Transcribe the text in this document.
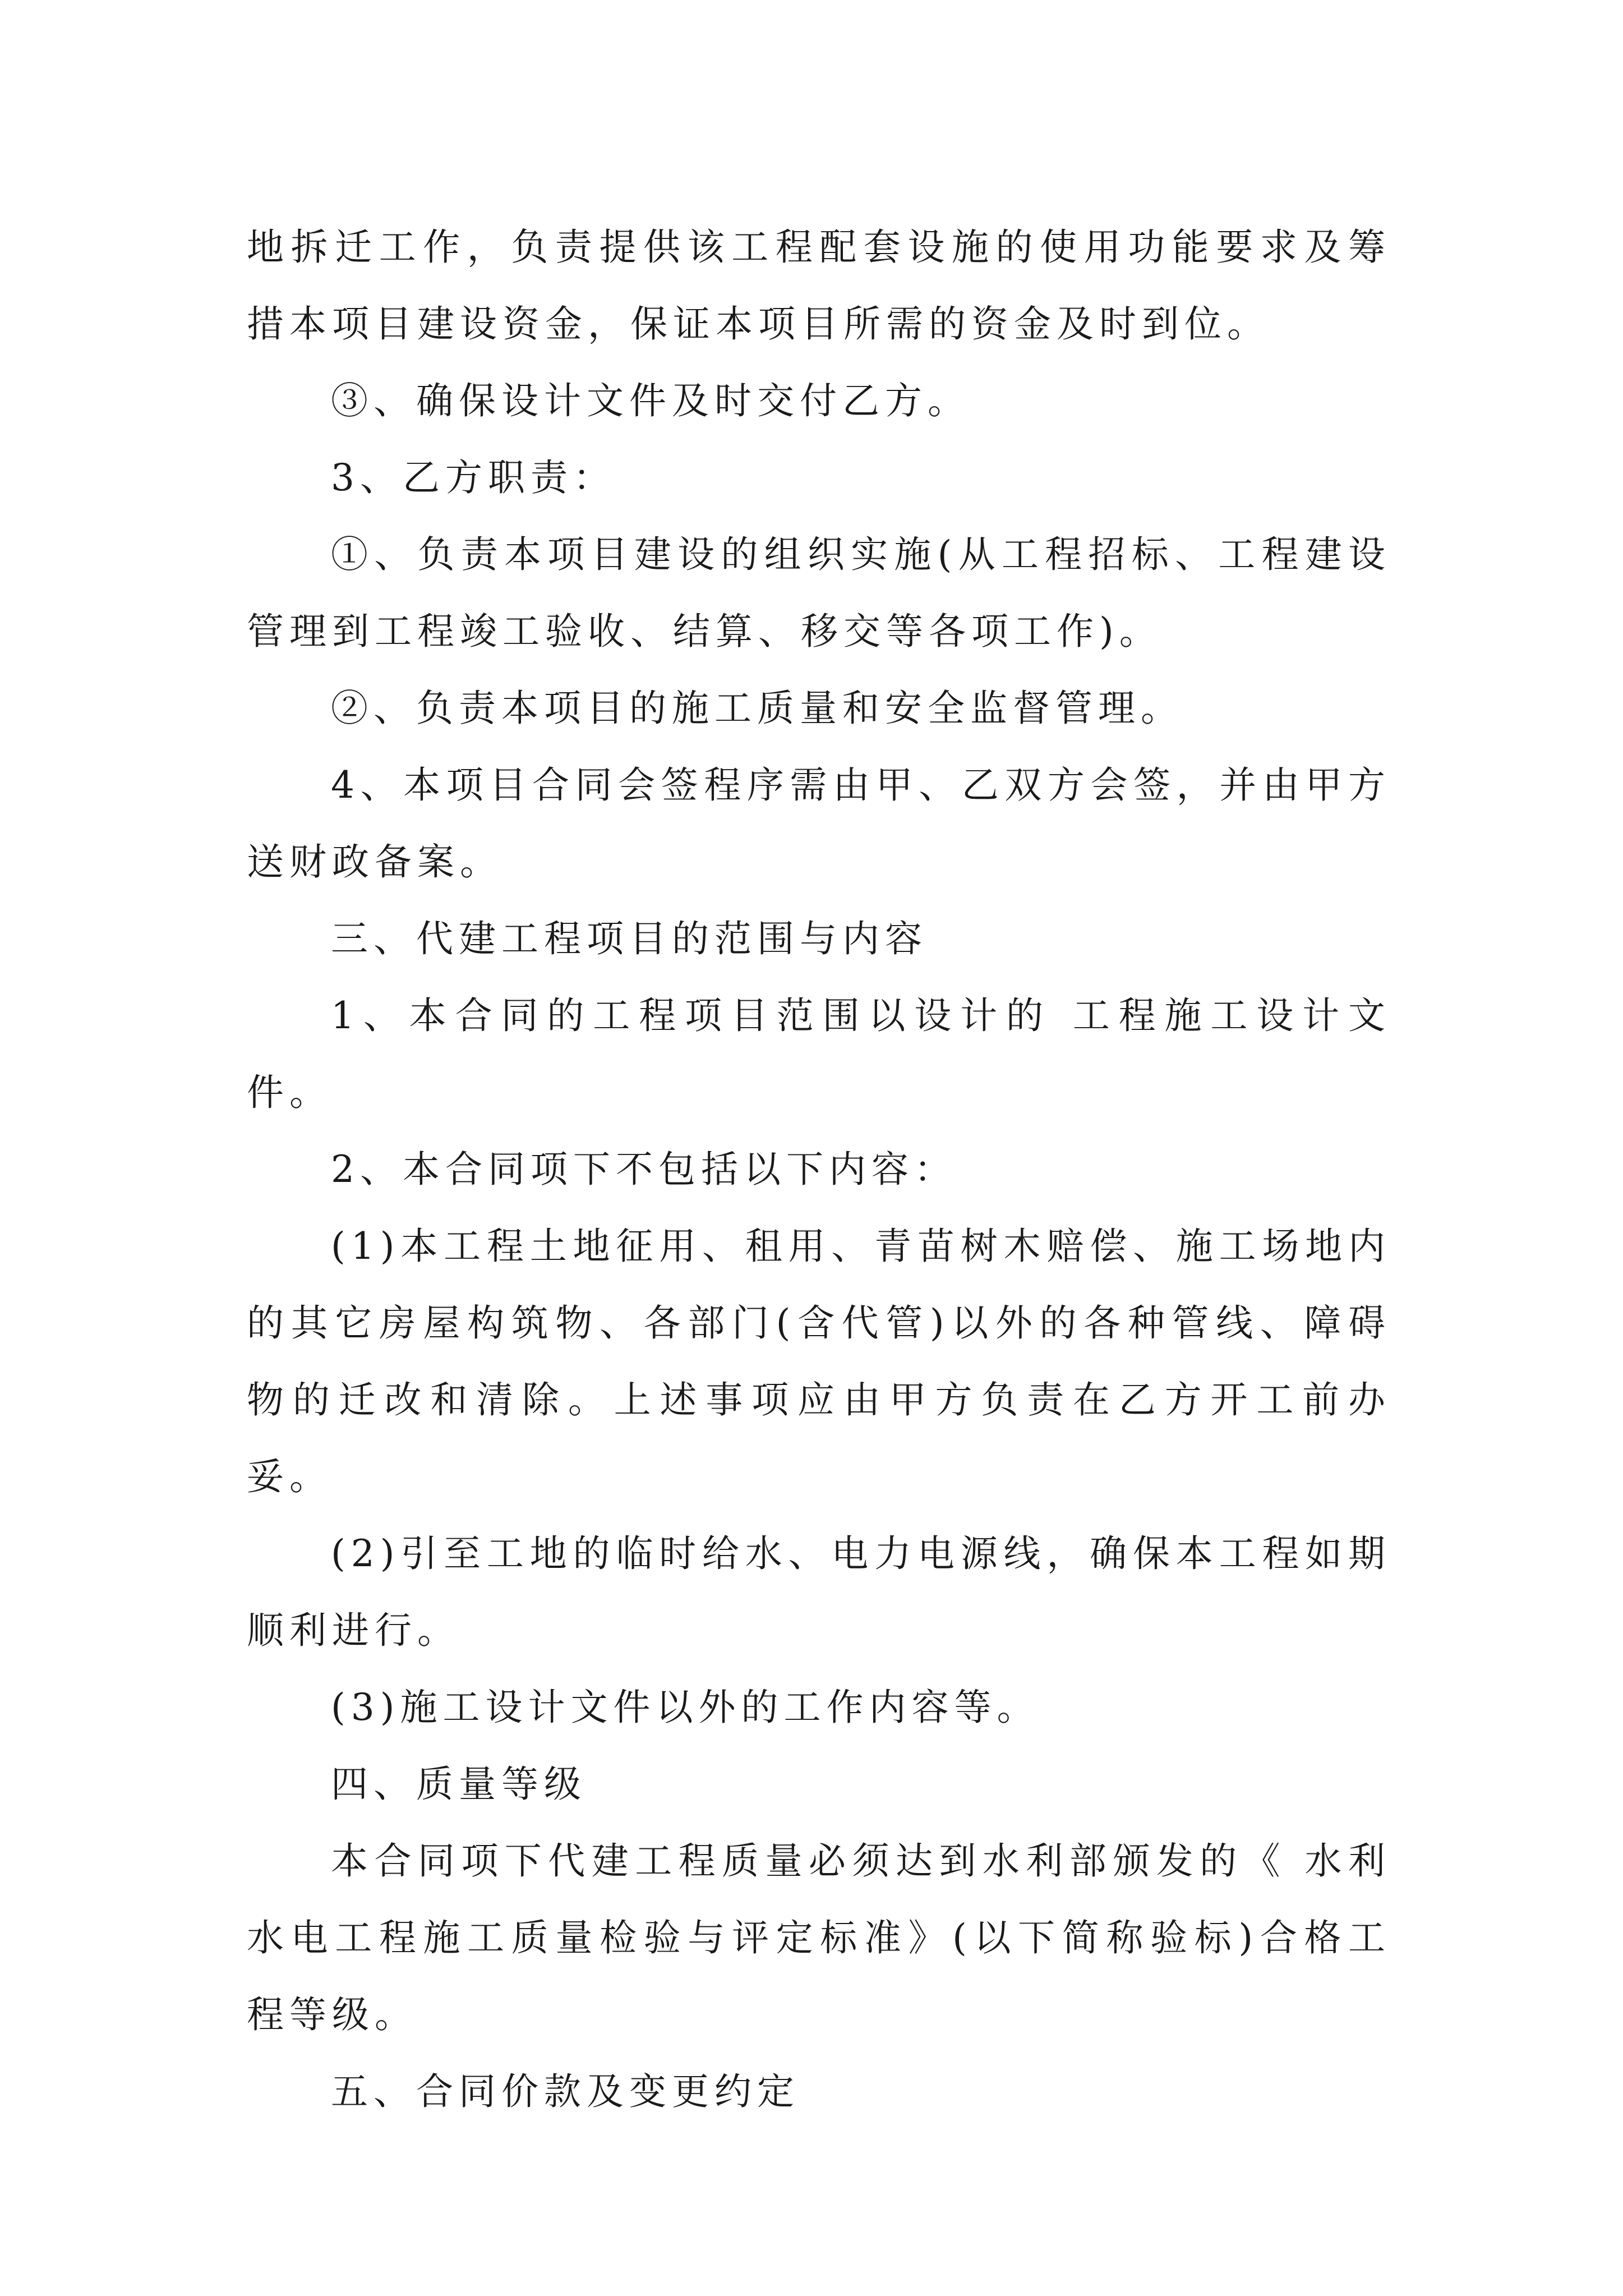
地拆迁工作，负责提供该工程配套设施的使用功能要求及筹措本项目建设资金，保证本项目所需的资金及时到位。

③、确保设计文件及时交付乙方。

3、乙方职责：

①、负责本项目建设的组织实施(从工程招标、工程建设管理到工程竣工验收、结算、移交等各项工作)。

②、负责本项目的施工质量和安全监督管理。

4、本项目合同会签程序需由甲、乙双方会签，并由甲方送财政备案。

三、代建工程项目的范围与内容

1、本合同的工程项目范围以设计的 工程施工设计文件。

2、本合同项下不包括以下内容：

(1)本工程土地征用、租用、青苗树木赔偿、施工场地内的其它房屋构筑物、各部门(含代管)以外的各种管线、障碍物的迁改和清除。上述事项应由甲方负责在乙方开工前办妥。

(2)引至工地的临时给水、电力电源线，确保本工程如期顺利进行。

(3)施工设计文件以外的工作内容等。

四、质量等级

本合同项下代建工程质量必须达到水利部颁发的《 水利水电工程施工质量检验与评定标准》(以下简称验标)合格工程等级。

五、合同价款及变更约定
